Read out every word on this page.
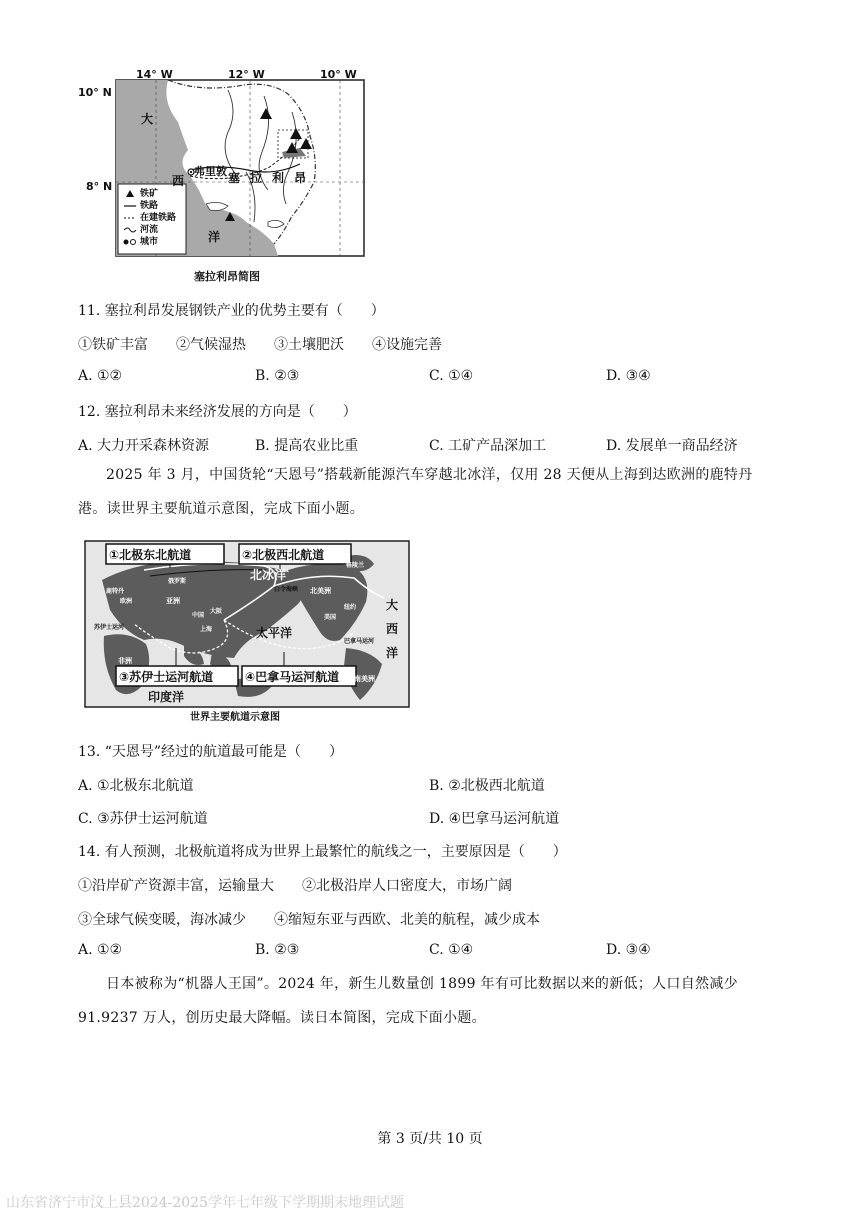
14° W	12° W	10° W
10° N
8° N
大
西
洋
弗里敦 塞 拉 利 昂
铁矿
铁路
在建铁路
河流
城市
塞拉利昂简图
11. 塞拉利昂发展钢铁产业的优势主要有（　　）
①铁矿丰富　　②气候湿热　　③土壤肥沃　　④设施完善
A. ①②	B. ②③	C. ①④	D. ③④
12. 塞拉利昂未来经济发展的方向是（　　）
A. 大力开采森林资源	B. 提高农业比重	C. 工矿产品深加工	D. 发展单一商品经济
2025 年 3 月，中国货轮“天恩号”搭载新能源汽车穿越北冰洋，仅用 28 天便从上海到达欧洲的鹿特丹港。读世界主要航道示意图，完成下面小题。
①北极东北航道	②北极西北航道
③苏伊士运河航道	④巴拿马运河航道
北冰洋
太平洋
印度洋
大
西
洋
俄罗斯
亚洲
中国
上海
大阪
欧洲
鹿特丹
苏伊士运河
非洲
白令海峡
格陵兰
北美洲
纽约
美国
巴拿马运河
南美洲
世界主要航道示意图
13. “天恩号”经过的航道最可能是（　　）
A. ①北极东北航道	B. ②北极西北航道
C. ③苏伊士运河航道	D. ④巴拿马运河航道
14. 有人预测，北极航道将成为世界上最繁忙的航线之一，主要原因是（　　）
①沿岸矿产资源丰富，运输量大　　②北极沿岸人口密度大，市场广阔
③全球气候变暖，海冰减少　　④缩短东亚与西欧、北美的航程，减少成本
A. ①②	B. ②③	C. ①④	D. ③④
日本被称为“机器人王国”。2024 年，新生儿数量创 1899 年有可比数据以来的新低；人口自然减少 91.9237 万人，创历史最大降幅。读日本简图，完成下面小题。
第 3 页/共 10 页
山东省济宁市汶上县2024-2025学年七年级下学期期末地理试题
